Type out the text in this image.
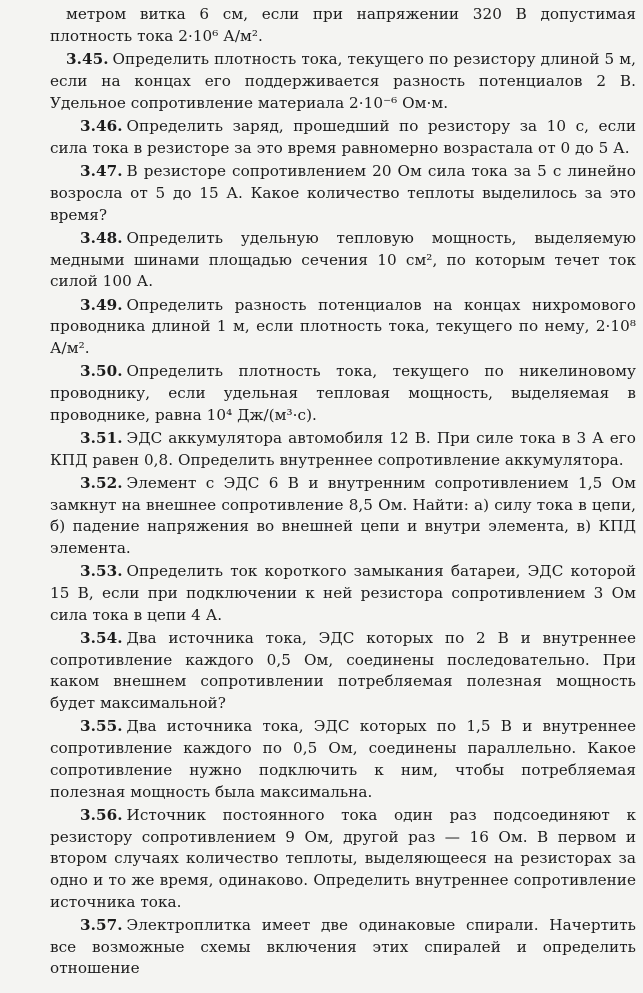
метром витка 6 см, если при напряжении 320 В допустимая плотность тока 2·10⁶ А/м².

3.45. Определить плотность тока, текущего по резистору длиной 5 м, если на концах его поддерживается разность потенциалов 2 В. Удельное сопротивление материала 2·10⁻⁶ Ом·м.

3.46. Определить заряд, прошедший по резистору за 10 с, если сила тока в резисторе за это время равномерно возрастала от 0 до 5 А.

3.47. В резисторе сопротивлением 20 Ом сила тока за 5 с линейно возросла от 5 до 15 А. Какое количество теплоты выделилось за это время?

3.48. Определить удельную тепловую мощность, выделяемую медными шинами площадью сечения 10 см², по которым течет ток силой 100 А.

3.49. Определить разность потенциалов на концах нихромового проводника длиной 1 м, если плотность тока, текущего по нему, 2·10⁸ А/м².

3.50. Определить плотность тока, текущего по никелиновому проводнику, если удельная тепловая мощность, выделяемая в проводнике, равна 10⁴ Дж/(м³·с).

3.51. ЭДС аккумулятора автомобиля 12 В. При силе тока в 3 А его КПД равен 0,8. Определить внутреннее сопротивление аккумулятора.

3.52. Элемент с ЭДС 6 В и внутренним сопротивлением 1,5 Ом замкнут на внешнее сопротивление 8,5 Ом. Найти: а) силу тока в цепи, б) падение напряжения во внешней цепи и внутри элемента, в) КПД элемента.

3.53. Определить ток короткого замыкания батареи, ЭДС которой 15 В, если при подключении к ней резистора сопротивлением 3 Ом сила тока в цепи 4 А.

3.54. Два источника тока, ЭДС которых по 2 В и внутреннее сопротивление каждого 0,5 Ом, соединены последовательно. При каком внешнем сопротивлении потребляемая полезная мощность будет максимальной?

3.55. Два источника тока, ЭДС которых по 1,5 В и внутреннее сопротивление каждого по 0,5 Ом, соединены параллельно. Какое сопротивление нужно подключить к ним, чтобы потребляемая полезная мощность была максимальна.

3.56. Источник постоянного тока один раз подсоединяют к резистору сопротивлением 9 Ом, другой раз — 16 Ом. В первом и втором случаях количество теплоты, выделяющееся на резисторах за одно и то же время, одинаково. Определить внутреннее сопротивление источника тока.

3.57. Электроплитка имеет две одинаковые спирали. Начертить все возможные схемы включения этих спиралей и определить отношение
